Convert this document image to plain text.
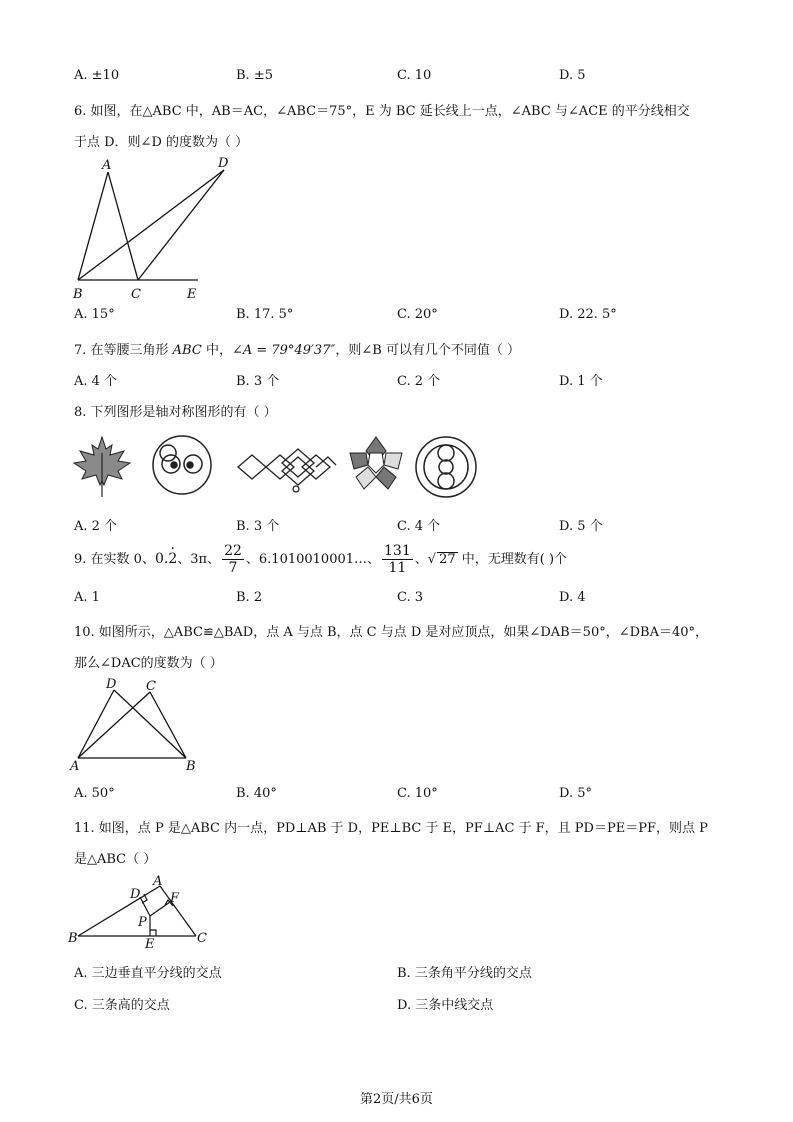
A. ±10	B. ±5	C. 10	D. 5
6. 如图，在△ABC 中，AB＝AC，∠ABC＝75°，E 为 BC 延长线上一点，∠ABC 与∠ACE 的平分线相交
于点 D．则∠D 的度数为（ ）
A	D
B	C	E
A. 15°	B. 17. 5°	C. 20°	D. 22. 5°
7. 在等腰三角形 ABC 中，∠A = 79°49′37″，则∠B 可以有几个不同值（ ）
A. 4 个	B. 3 个	C. 2 个	D. 1 个
8. 下列图形是轴对称图形的有（ ）
A. 2 个	B. 3 个	C. 4 个	D. 5 个
9. 在实数 0、0.2 ·、3π、 $\frac{22}{7}$ 、6.1010010001…、 $\frac{131}{11}$ 、√ 27 中，无理数有( )个
A. 1	B. 2	C. 3	D. 4
10. 如图所示，△ABC≌△BAD，点 A 与点 B，点 C 与点 D 是对应顶点，如果∠DAB＝50°，∠DBA＝40°，
那么∠DAC的度数为（ ）
D C
A	B
A. 50°	B. 40°	C. 10°	D. 5°
11. 如图，点 P 是△ABC 内一点，PD⊥AB 于 D，PE⊥BC 于 E，PF⊥AC 于 F，且 PD＝PE＝PF，则点 P
是△ABC（ ）
A
D F
P
B	E	C
A. 三边垂直平分线的交点	B. 三条角平分线的交点
C. 三条高的交点	D. 三条中线交点
第2页/共6页
